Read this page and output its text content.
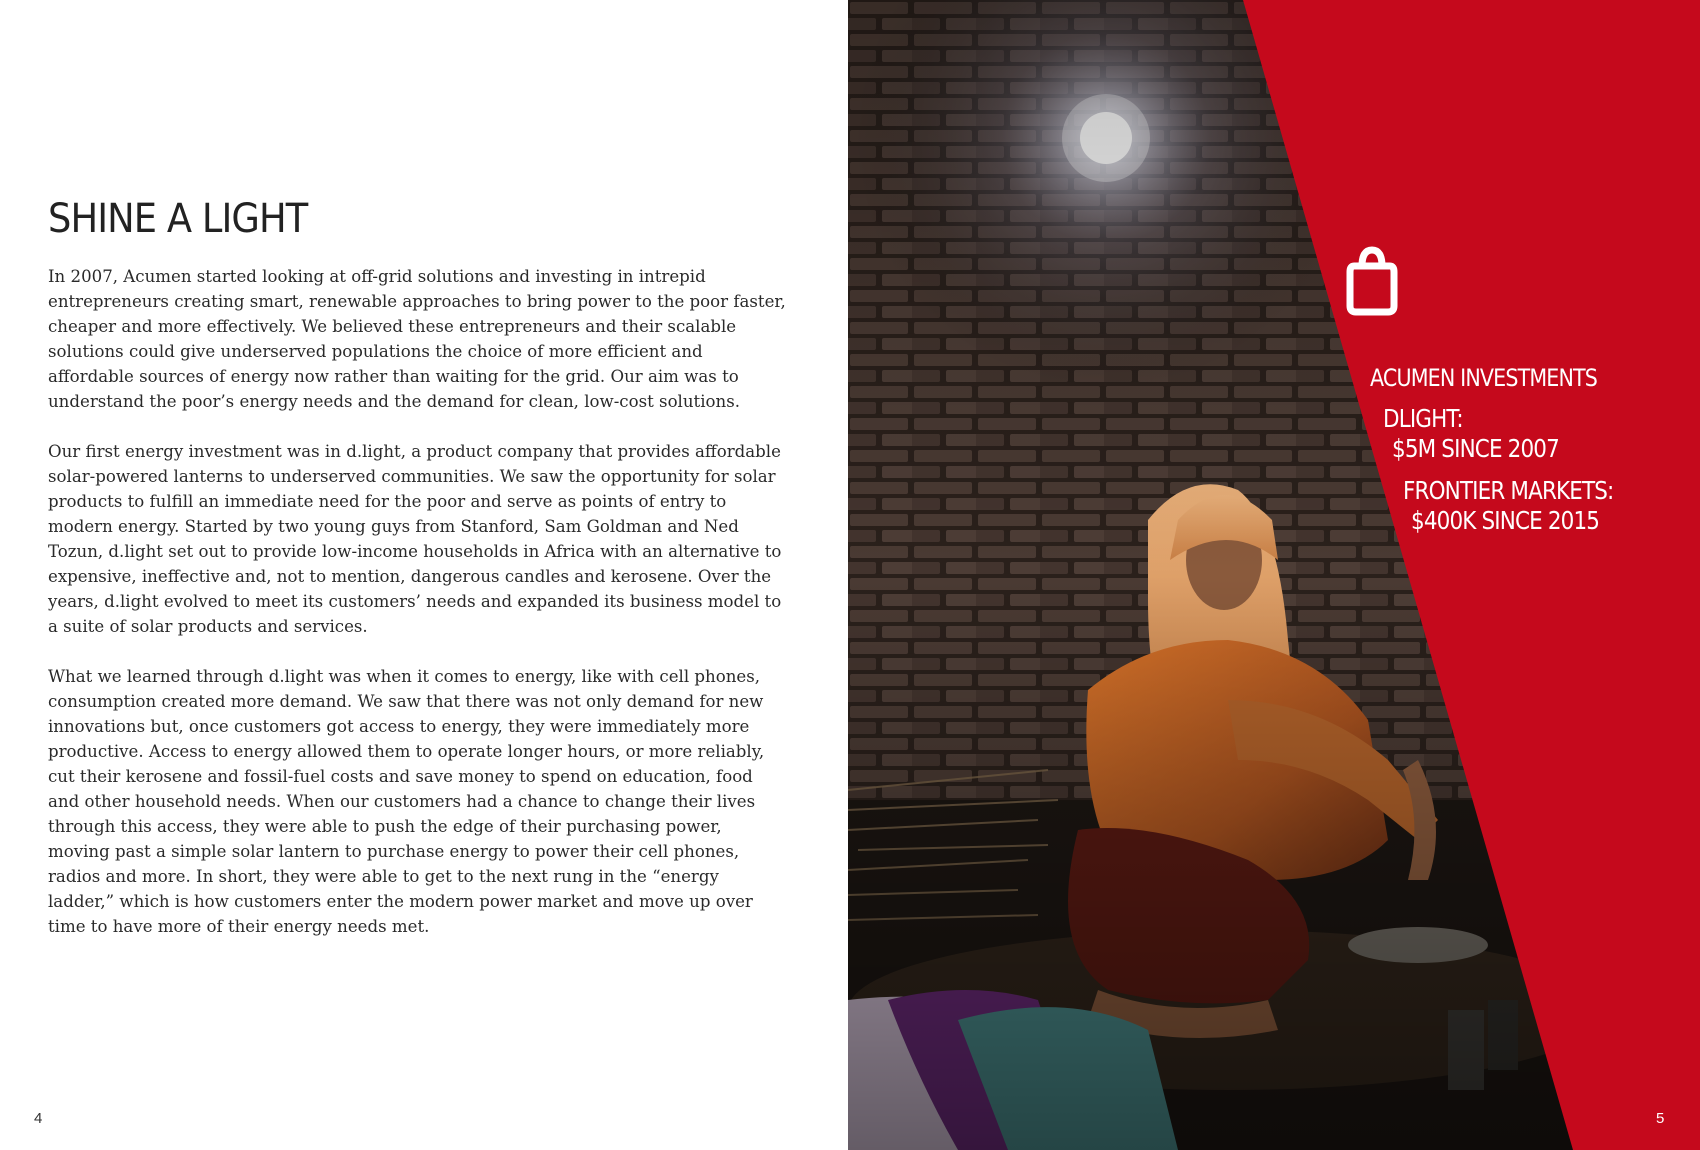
SHINE A LIGHT

In 2007, Acumen started looking at off-grid solutions and investing in intrepid entrepreneurs creating smart, renewable approaches to bring power to the poor faster, cheaper and more effectively. We believed these entrepreneurs and their scalable solutions could give underserved populations the choice of more efficient and affordable sources of energy now rather than waiting for the grid. Our aim was to understand the poor’s energy needs and the demand for clean, low-cost solutions.

Our first energy investment was in d.light, a product company that provides affordable solar-powered lanterns to underserved communities. We saw the opportunity for solar products to fulfill an immediate need for the poor and serve as points of entry to modern energy. Started by two young guys from Stanford, Sam Goldman and Ned Tozun, d.light set out to provide low-income households in Africa with an alternative to expensive, ineffective and, not to mention, dangerous candles and kerosene. Over the years, d.light evolved to meet its customers’ needs and expanded its business model to a suite of solar products and services.

What we learned through d.light was when it comes to energy, like with cell phones, consumption created more demand. We saw that there was not only demand for new innovations but, once customers got access to energy, they were immediately more productive. Access to energy allowed them to operate longer hours, or more reliably, cut their kerosene and fossil-fuel costs and save money to spend on education, food and other household needs. When our customers had a chance to change their lives through this access, they were able to push the edge of their purchasing power, moving past a simple solar lantern to purchase energy to power their cell phones, radios and more. In short, they were able to get to the next rung in the “energy ladder,” which is how customers enter the modern power market and move up over time to have more of their energy needs met.

4
ACUMEN INVESTMENTS
DLIGHT:
$5M SINCE 2007
FRONTIER MARKETS:
$400K SINCE 2015
5
